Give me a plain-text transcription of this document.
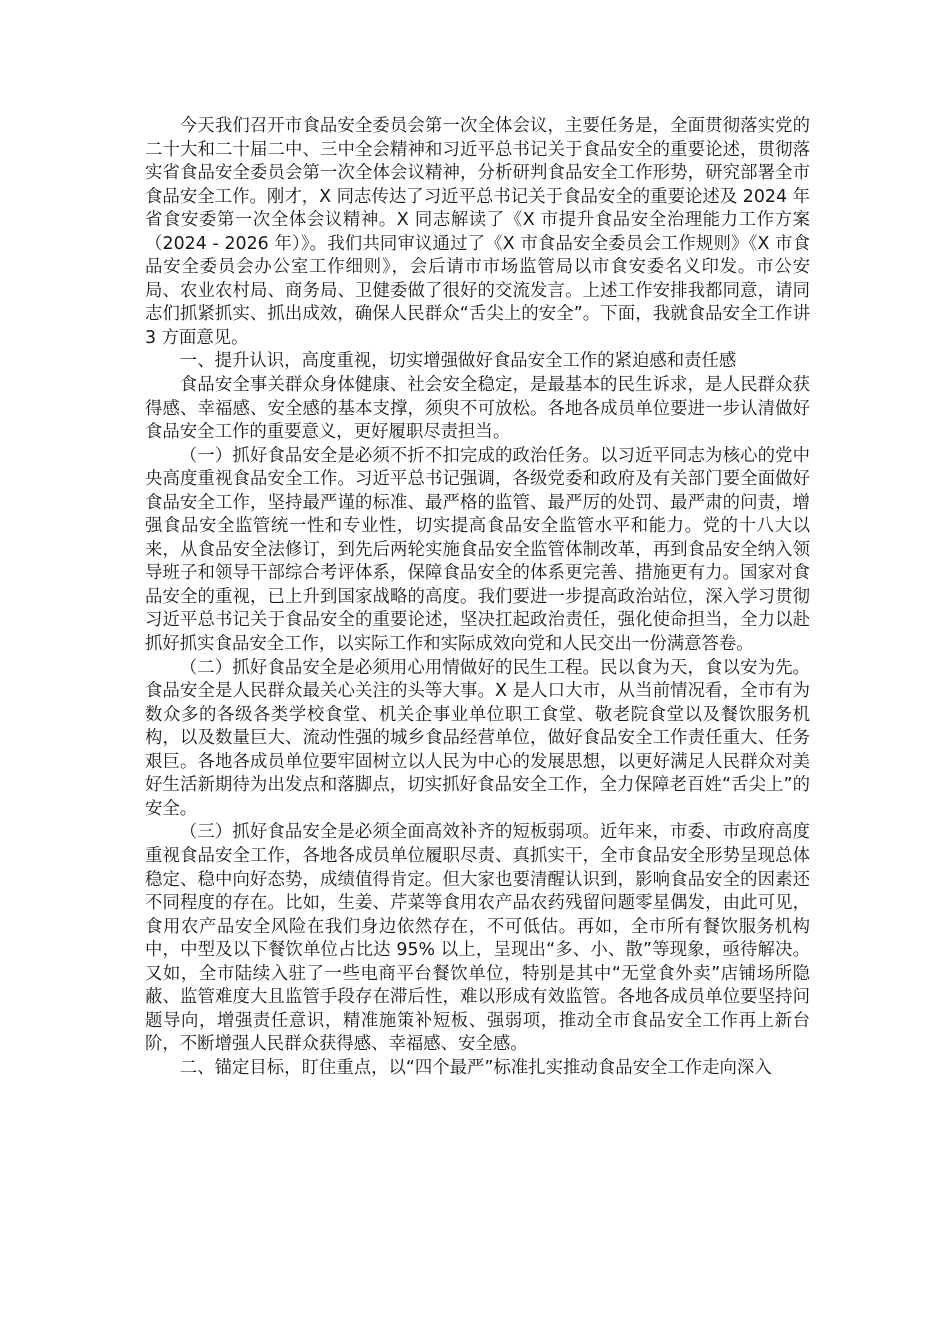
今天我们召开市食品安全委员会第一次全体会议，主要任务是，全面贯彻落实党的二十大和二十届二中、三中全会精神和习近平总书记关于食品安全的重要论述，贯彻落实省食品安全委员会第一次全体会议精神，分析研判食品安全工作形势，研究部署全市食品安全工作。刚才，X 同志传达了习近平总书记关于食品安全的重要论述及 2024 年省食安委第一次全体会议精神。X 同志解读了《X 市提升食品安全治理能力工作方案（2024 - 2026 年）》。我们共同审议通过了《X 市食品安全委员会工作规则》《X 市食品安全委员会办公室工作细则》，会后请市市场监管局以市食安委名义印发。市公安局、农业农村局、商务局、卫健委做了很好的交流发言。上述工作安排我都同意，请同志们抓紧抓实、抓出成效，确保人民群众“舌尖上的安全”。下面，我就食品安全工作讲 3 方面意见。

一、提升认识，高度重视，切实增强做好食品安全工作的紧迫感和责任感

食品安全事关群众身体健康、社会安全稳定，是最基本的民生诉求，是人民群众获得感、幸福感、安全感的基本支撑，须臾不可放松。各地各成员单位要进一步认清做好食品安全工作的重要意义，更好履职尽责担当。

（一）抓好食品安全是必须不折不扣完成的政治任务。以习近平同志为核心的党中央高度重视食品安全工作。习近平总书记强调，各级党委和政府及有关部门要全面做好食品安全工作，坚持最严谨的标准、最严格的监管、最严厉的处罚、最严肃的问责，增强食品安全监管统一性和专业性，切实提高食品安全监管水平和能力。党的十八大以来，从食品安全法修订，到先后两轮实施食品安全监管体制改革，再到食品安全纳入领导班子和领导干部综合考评体系，保障食品安全的体系更完善、措施更有力。国家对食品安全的重视，已上升到国家战略的高度。我们要进一步提高政治站位，深入学习贯彻习近平总书记关于食品安全的重要论述，坚决扛起政治责任，强化使命担当，全力以赴抓好抓实食品安全工作，以实际工作和实际成效向党和人民交出一份满意答卷。

（二）抓好食品安全是必须用心用情做好的民生工程。民以食为天，食以安为先。食品安全是人民群众最关心关注的头等大事。X 是人口大市，从当前情况看，全市有为数众多的各级各类学校食堂、机关企事业单位职工食堂、敬老院食堂以及餐饮服务机构，以及数量巨大、流动性强的城乡食品经营单位，做好食品安全工作责任重大、任务艰巨。各地各成员单位要牢固树立以人民为中心的发展思想，以更好满足人民群众对美好生活新期待为出发点和落脚点，切实抓好食品安全工作，全力保障老百姓“舌尖上”的安全。

（三）抓好食品安全是必须全面高效补齐的短板弱项。近年来，市委、市政府高度重视食品安全工作，各地各成员单位履职尽责、真抓实干，全市食品安全形势呈现总体稳定、稳中向好态势，成绩值得肯定。但大家也要清醒认识到，影响食品安全的因素还不同程度的存在。比如，生姜、芹菜等食用农产品农药残留问题零星偶发，由此可见，食用农产品安全风险在我们身边依然存在，不可低估。再如，全市所有餐饮服务机构中，中型及以下餐饮单位占比达 95% 以上，呈现出“多、小、散”等现象，亟待解决。又如，全市陆续入驻了一些电商平台餐饮单位，特别是其中“无堂食外卖”店铺场所隐蔽、监管难度大且监管手段存在滞后性，难以形成有效监管。各地各成员单位要坚持问题导向，增强责任意识，精准施策补短板、强弱项，推动全市食品安全工作再上新台阶，不断增强人民群众获得感、幸福感、安全感。

二、锚定目标，盯住重点，以“四个最严”标准扎实推动食品安全工作走向深入
